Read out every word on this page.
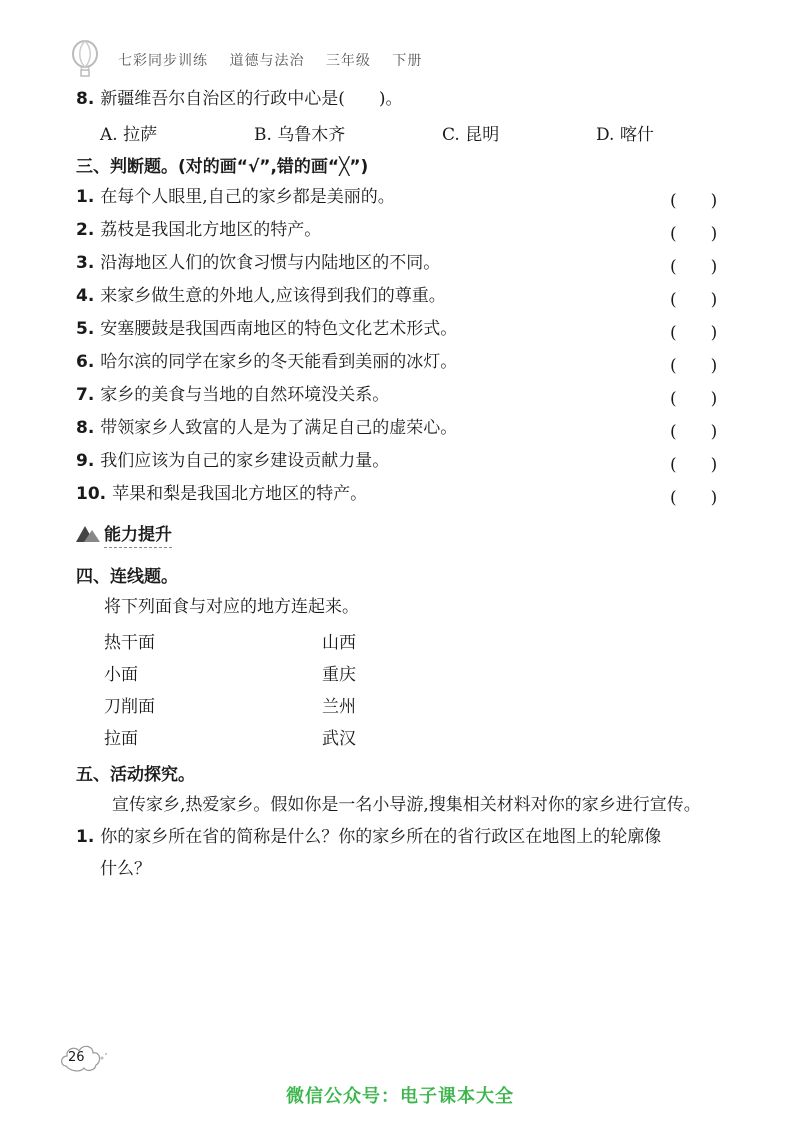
七彩同步训练 道德与法治 三年级 下册
8. 新疆维吾尔自治区的行政中心是(　　)。
A. 拉萨	B. 乌鲁木齐	C. 昆明	D. 喀什
三、判断题。(对的画“√”,错的画“╳”)
1. 在每个人眼里,自己的家乡都是美丽的。	(　　)
2. 荔枝是我国北方地区的特产。	(　　)
3. 沿海地区人们的饮食习惯与内陆地区的不同。	(　　)
4. 来家乡做生意的外地人,应该得到我们的尊重。	(　　)
5. 安塞腰鼓是我国西南地区的特色文化艺术形式。	(　　)
6. 哈尔滨的同学在家乡的冬天能看到美丽的冰灯。	(　　)
7. 家乡的美食与当地的自然环境没关系。	(　　)
8. 带领家乡人致富的人是为了满足自己的虚荣心。	(　　)
9. 我们应该为自己的家乡建设贡献力量。	(　　)
10. 苹果和梨是我国北方地区的特产。	(　　)
能力提升
四、连线题。
将下列面食与对应的地方连起来。
热干面	山西
小面	重庆
刀削面	兰州
拉面	武汉
五、活动探究。
宣传家乡,热爱家乡。假如你是一名小导游,搜集相关材料对你的家乡进行宣传。
1. 你的家乡所在省的简称是什么？你的家乡所在的省行政区在地图上的轮廓像
什么？
26
微信公众号：电子课本大全
